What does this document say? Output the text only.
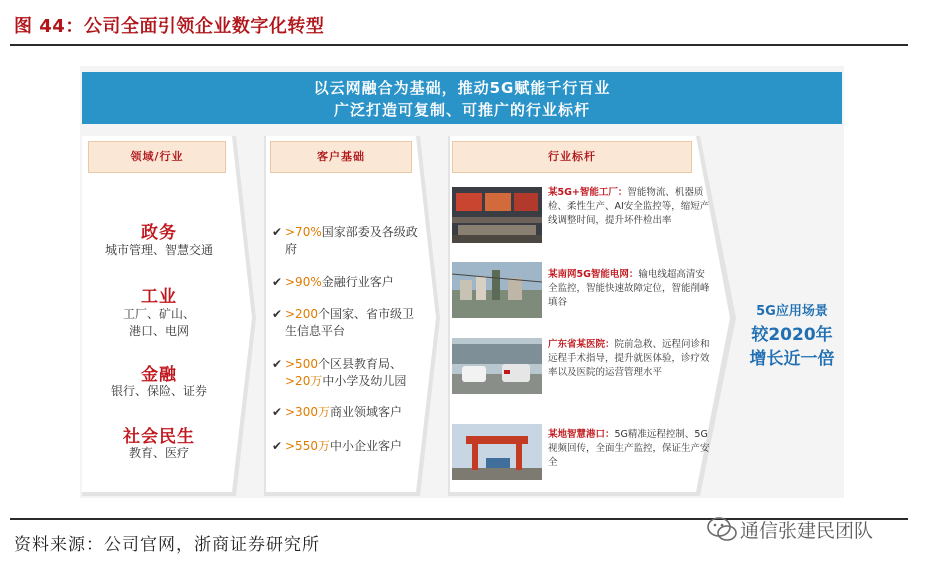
图 44：公司全面引领企业数字化转型
以云网融合为基础，推动5G赋能千行百业
广泛打造可复制、可推广的行业标杆
领域/行业	客户基础	行业标杆
政务
城市管理、智慧交通
工业
工厂、矿山、
港口、电网
金融
银行、保险、证券
社会民生
教育、医疗
✔ >70%国家部委及各级政府
✔ >90%金融行业客户
✔ >200个国家、省市级卫生信息平台
✔ >500个区县教育局、
>20万中小学及幼儿园
✔ >300万商业领域客户
✔ >550万中小企业客户
某5G+智能工厂：智能物流、机器质检、柔性生产、AI安全监控等，缩短产线调整时间，提升坏件检出率
某南网5G智能电网：输电线超高清安全监控，智能快速故障定位，智能削峰填谷
广东省某医院：院前急救、远程问诊和远程手术指导，提升就医体验，诊疗效率以及医院的运营管理水平
某地智慧港口：5G精准远程控制、5G视频回传，全面生产监控，保证生产安全
5G应用场景
较2020年
增长近一倍
资料来源：公司官网，浙商证券研究所
通信张建民团队
